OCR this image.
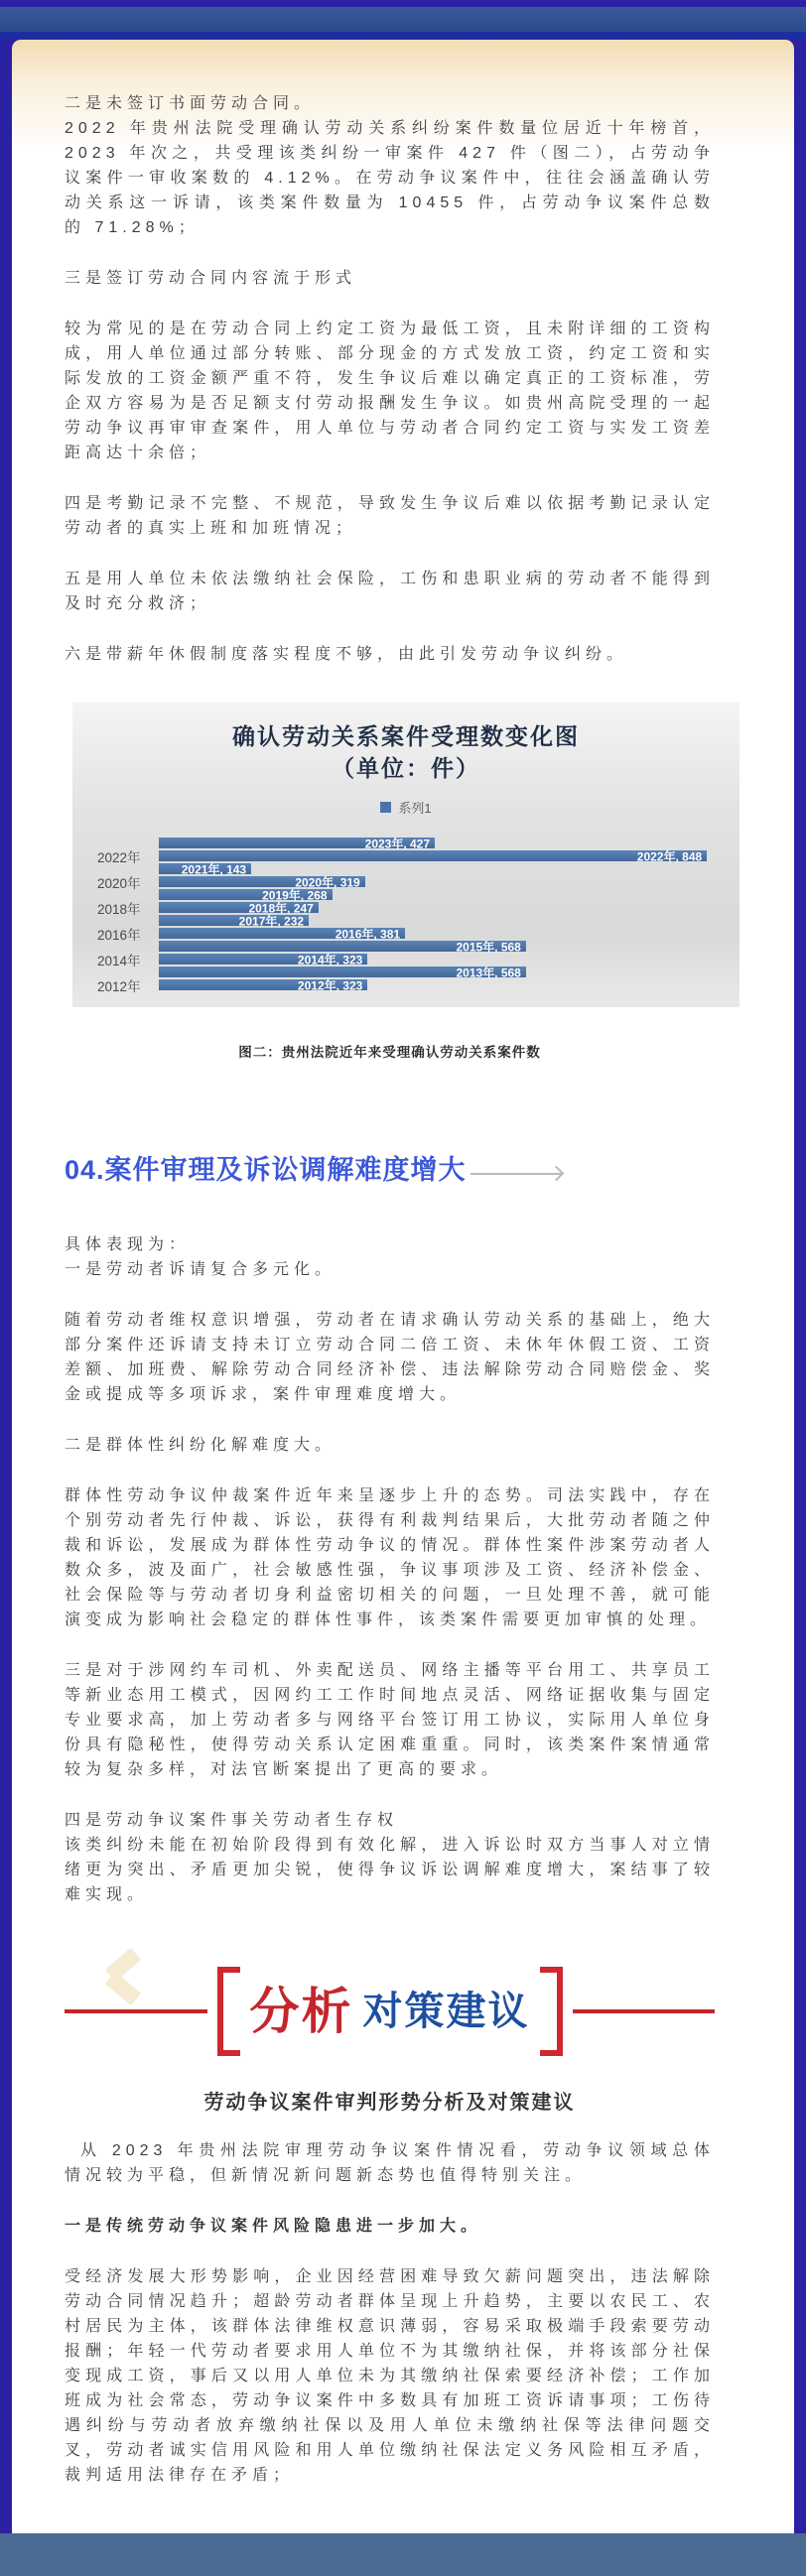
二是未签订书面劳动合同。
2022 年贵州法院受理确认劳动关系纠纷案件数量位居近十年榜首，2023 年次之，共受理该类纠纷一审案件 427 件（图二），占劳动争议案件一审收案数的 4.12%。在劳动争议案件中，往往会涵盖确认劳动关系这一诉请，该类案件数量为 10455 件，占劳动争议案件总数的 71.28%；

三是签订劳动合同内容流于形式

较为常见的是在劳动合同上约定工资为最低工资，且未附详细的工资构成，用人单位通过部分转账、部分现金的方式发放工资，约定工资和实际发放的工资金额严重不符，发生争议后难以确定真正的工资标准，劳企双方容易为是否足额支付劳动报酬发生争议。如贵州高院受理的一起劳动争议再审审查案件，用人单位与劳动者合同约定工资与实发工资差距高达十余倍；

四是考勤记录不完整、不规范，导致发生争议后难以依据考勤记录认定劳动者的真实上班和加班情况；

五是用人单位未依法缴纳社会保险，工伤和患职业病的劳动者不能得到及时充分救济；

六是带薪年休假制度落实程度不够，由此引发劳动争议纠纷。

确认劳动关系案件受理数变化图
（单位：件）
系列1
2023年, 427
2022年	2022年, 848
2021年, 143
2020年	2020年, 319
2019年, 268
2018年	2018年, 247
2017年, 232
2016年	2016年, 381
2015年, 568
2014年	2014年, 323
2013年, 568
2012年	2012年, 323

图二：贵州法院近年来受理确认劳动关系案件数

04.案件审理及诉讼调解难度增大

具体表现为：
一是劳动者诉请复合多元化。

随着劳动者维权意识增强，劳动者在请求确认劳动关系的基础上，绝大部分案件还诉请支持未订立劳动合同二倍工资、未休年休假工资、工资差额、加班费、解除劳动合同经济补偿、违法解除劳动合同赔偿金、奖金或提成等多项诉求，案件审理难度增大。

二是群体性纠纷化解难度大。

群体性劳动争议仲裁案件近年来呈逐步上升的态势。司法实践中，存在个别劳动者先行仲裁、诉讼，获得有利裁判结果后，大批劳动者随之仲裁和诉讼，发展成为群体性劳动争议的情况。群体性案件涉案劳动者人数众多，波及面广，社会敏感性强，争议事项涉及工资、经济补偿金、社会保险等与劳动者切身利益密切相关的问题，一旦处理不善，就可能演变成为影响社会稳定的群体性事件，该类案件需要更加审慎的处理。

三是对于涉网约车司机、外卖配送员、网络主播等平台用工、共享员工等新业态用工模式，因网约工工作时间地点灵活、网络证据收集与固定专业要求高，加上劳动者多与网络平台签订用工协议，实际用人单位身份具有隐秘性，使得劳动关系认定困难重重。同时，该类案件案情通常较为复杂多样，对法官断案提出了更高的要求。

四是劳动争议案件事关劳动者生存权
该类纠纷未能在初始阶段得到有效化解，进入诉讼时双方当事人对立情绪更为突出、矛盾更加尖锐，使得争议诉讼调解难度增大，案结事了较难实现。

分析 对策建议

劳动争议案件审判形势分析及对策建议

从 2023 年贵州法院审理劳动争议案件情况看，劳动争议领域总体情况较为平稳，但新情况新问题新态势也值得特别关注。

一是传统劳动争议案件风险隐患进一步加大。

受经济发展大形势影响，企业因经营困难导致欠薪问题突出，违法解除劳动合同情况趋升；超龄劳动者群体呈现上升趋势，主要以农民工、农村居民为主体，该群体法律维权意识薄弱，容易采取极端手段索要劳动报酬；年轻一代劳动者要求用人单位不为其缴纳社保，并将该部分社保变现成工资，事后又以用人单位未为其缴纳社保索要经济补偿；工作加班成为社会常态，劳动争议案件中多数具有加班工资诉请事项；工伤待遇纠纷与劳动者放弃缴纳社保以及用人单位未缴纳社保等法律问题交叉，劳动者诚实信用风险和用人单位缴纳社保法定义务风险相互矛盾，裁判适用法律存在矛盾；
